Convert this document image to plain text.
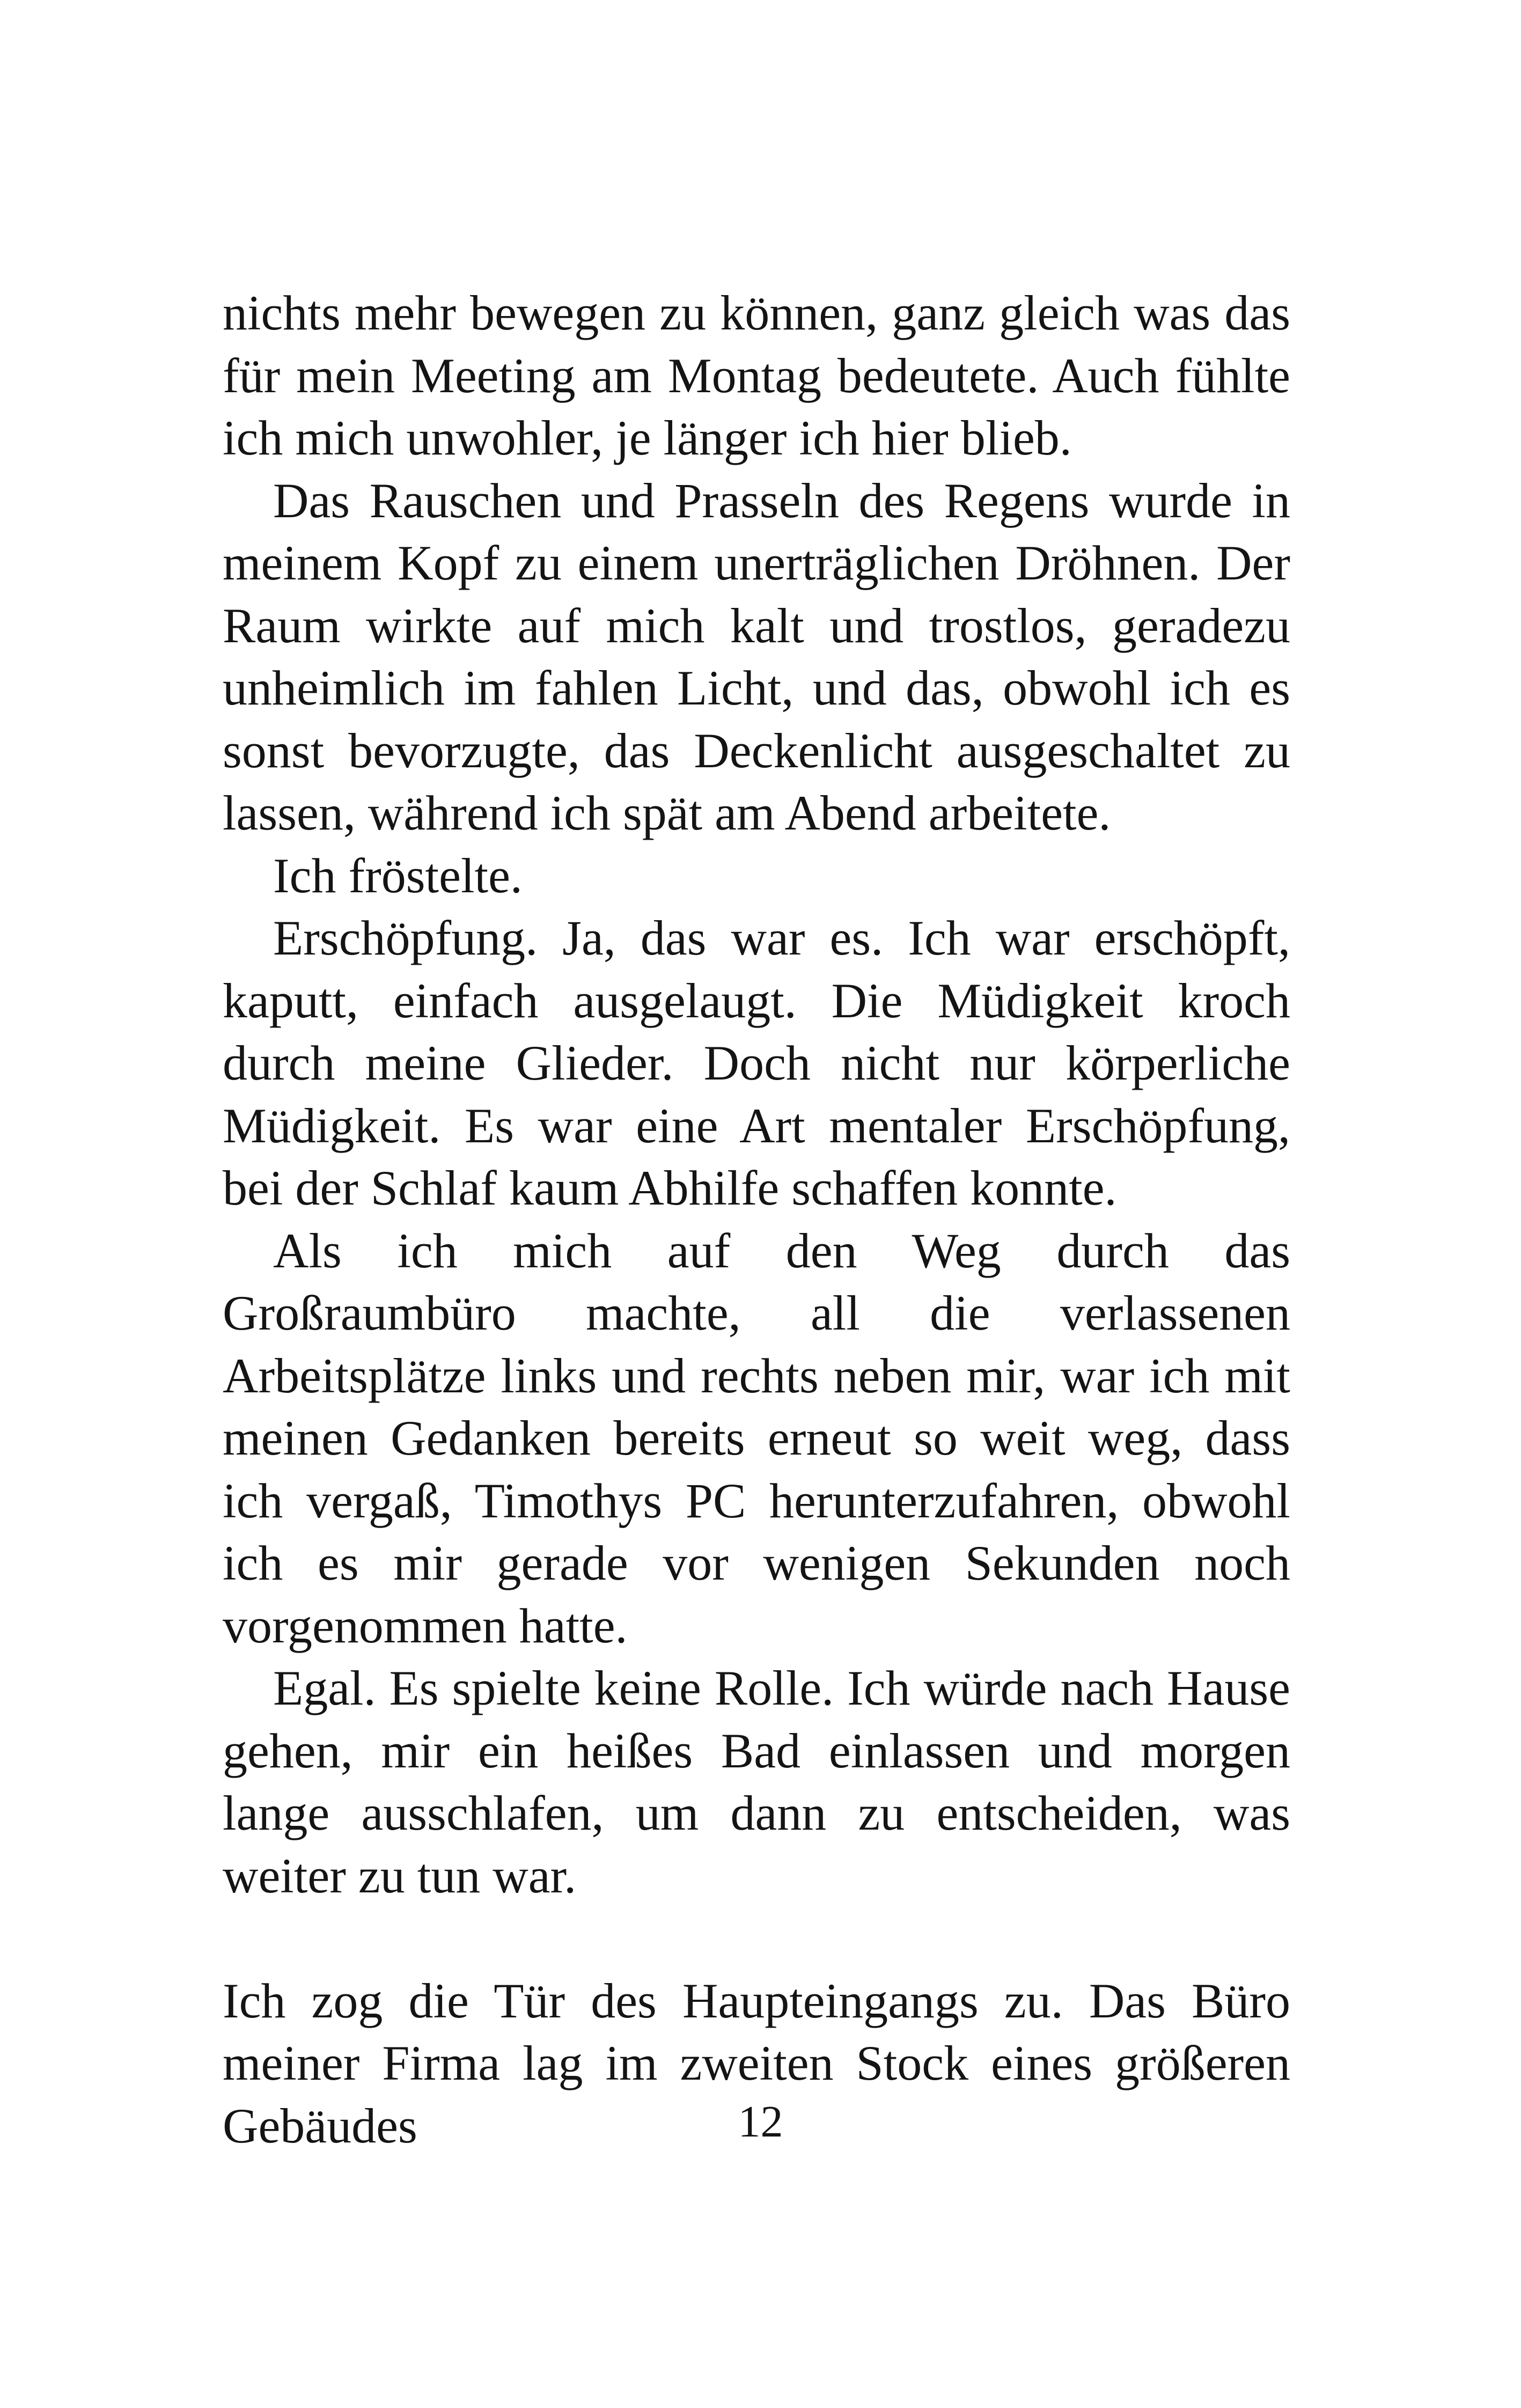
nichts mehr bewegen zu können, ganz gleich was das für mein Meeting am Montag bedeutete. Auch fühlte ich mich unwohler, je länger ich hier blieb.

Das Rauschen und Prasseln des Regens wurde in meinem Kopf zu einem unerträglichen Dröhnen. Der Raum wirkte auf mich kalt und trostlos, geradezu unheimlich im fahlen Licht, und das, obwohl ich es sonst bevorzugte, das Deckenlicht ausgeschaltet zu lassen, während ich spät am Abend arbeitete.

Ich fröstelte.

Erschöpfung. Ja, das war es. Ich war erschöpft, kaputt, einfach ausgelaugt. Die Müdigkeit kroch durch meine Glieder. Doch nicht nur körperliche Müdigkeit. Es war eine Art mentaler Erschöpfung, bei der Schlaf kaum Abhilfe schaffen konnte.

Als ich mich auf den Weg durch das Großraumbüro machte, all die verlassenen Arbeitsplätze links und rechts neben mir, war ich mit meinen Gedanken bereits erneut so weit weg, dass ich vergaß, Timothys PC herunterzufahren, obwohl ich es mir gerade vor wenigen Sekunden noch vorgenommen hatte.

Egal. Es spielte keine Rolle. Ich würde nach Hause gehen, mir ein heißes Bad einlassen und morgen lange ausschlafen, um dann zu entscheiden, was weiter zu tun war.

Ich zog die Tür des Haupteingangs zu. Das Büro meiner Firma lag im zweiten Stock eines größeren Gebäudes	12
